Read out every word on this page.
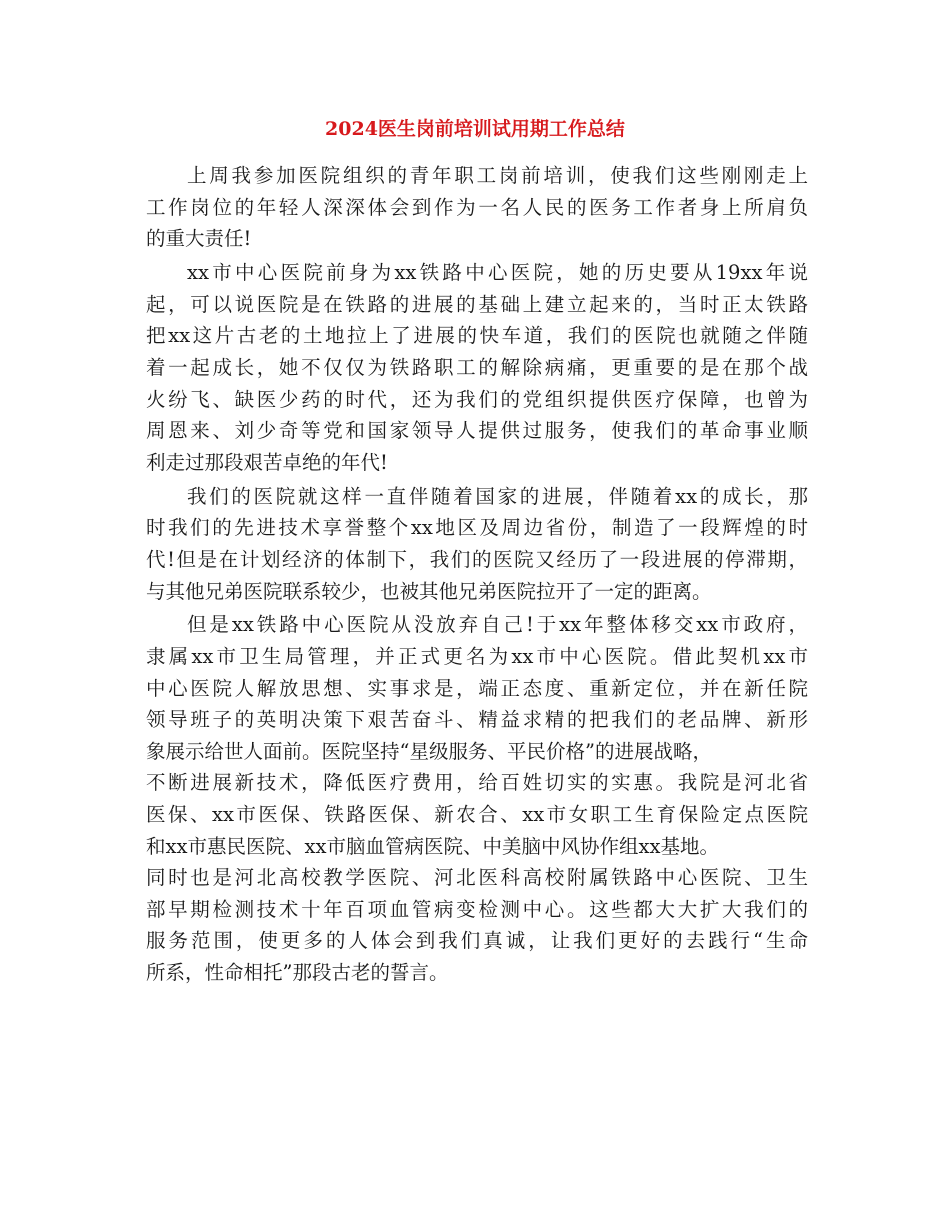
2024医生岗前培训试用期工作总结
上周我参加医院组织的青年职工岗前培训，使我们这些刚刚走上
工作岗位的年轻人深深体会到作为一名人民的医务工作者身上所肩负
的重大责任!
xx市中心医院前身为xx铁路中心医院，她的历史要从19xx年说
起，可以说医院是在铁路的进展的基础上建立起来的，当时正太铁路
把xx这片古老的土地拉上了进展的快车道，我们的医院也就随之伴随
着一起成长，她不仅仅为铁路职工的解除病痛，更重要的是在那个战
火纷飞、缺医少药的时代，还为我们的党组织提供医疗保障，也曾为
周恩来、刘少奇等党和国家领导人提供过服务，使我们的革命事业顺
利走过那段艰苦卓绝的年代!
我们的医院就这样一直伴随着国家的进展，伴随着xx的成长，那
时我们的先进技术享誉整个xx地区及周边省份，制造了一段辉煌的时
代!但是在计划经济的体制下，我们的医院又经历了一段进展的停滞期，
与其他兄弟医院联系较少，也被其他兄弟医院拉开了一定的距离。
但是xx铁路中心医院从没放弃自己!于xx年整体移交xx市政府，
隶属xx市卫生局管理，并正式更名为xx市中心医院。借此契机xx市
中心医院人解放思想、实事求是，端正态度、重新定位，并在新任院
领导班子的英明决策下艰苦奋斗、精益求精的把我们的老品牌、新形
象展示给世人面前。医院坚持“星级服务、平民价格”的进展战略，
不断进展新技术，降低医疗费用，给百姓切实的实惠。我院是河北省
医保、xx市医保、铁路医保、新农合、xx市女职工生育保险定点医院
和xx市惠民医院、xx市脑血管病医院、中美脑中风协作组xx基地。
同时也是河北高校教学医院、河北医科高校附属铁路中心医院、卫生
部早期检测技术十年百项血管病变检测中心。这些都大大扩大我们的
服务范围，使更多的人体会到我们真诚，让我们更好的去践行“生命
所系，性命相托”那段古老的誓言。
